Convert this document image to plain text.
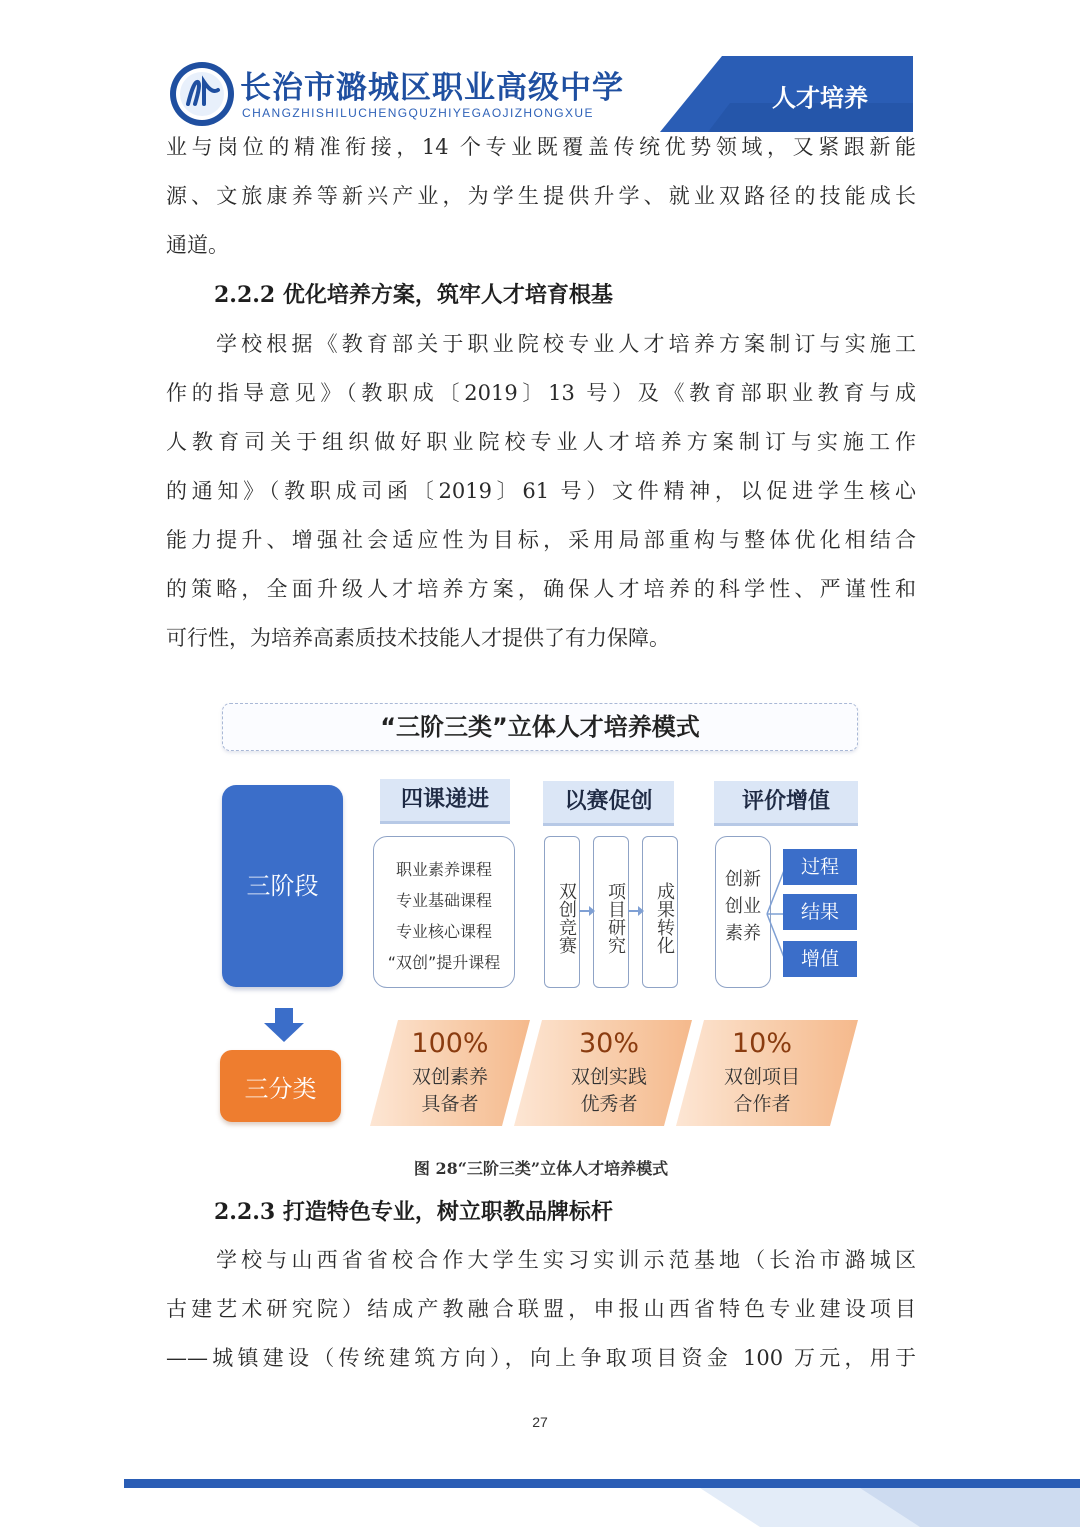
长治市潞城区职业高级中学

CHANGZHISHILUCHENGQUZHIYEGAOJIZHONGXUE

人才培养

业与岗位的精准衔接，14 个专业既覆盖传统优势领域，又紧跟新能
源、文旅康养等新兴产业，为学生提供升学、就业双路径的技能成长
通道。
2.2.2 优化培养方案，筑牢人才培育根基
学校根据《教育部关于职业院校专业人才培养方案制订与实施工
作的指导意见》（教职成〔2019〕13 号）及《教育部职业教育与成
人教育司关于组织做好职业院校专业人才培养方案制订与实施工作
的通知》（教职成司函〔2019〕61 号）文件精神，以促进学生核心
能力提升、增强社会适应性为目标，采用局部重构与整体优化相结合
的策略，全面升级人才培养方案，确保人才培养的科学性、严谨性和
可行性，为培养高素质技术技能人才提供了有力保障。

“三阶三类”立体人才培养模式

三阶段

三分类

四课递进	以赛促创	评价增值

职业素养课程

专业基础课程

专业核心课程

“双创”提升课程

双创竞赛	项目研究	成果转化

创新创业素养

过程

结果

增值

100%

双创素养

具备者

30%

双创实践

优秀者

10%

双创项目

合作者

图 28“三阶三类”立体人才培养模式

2.2.3 打造特色专业，树立职教品牌标杆
学校与山西省省校合作大学生实习实训示范基地（长治市潞城区
古建艺术研究院）结成产教融合联盟，申报山西省特色专业建设项目
——城镇建设（传统建筑方向），向上争取项目资金 100 万元，用于

27
